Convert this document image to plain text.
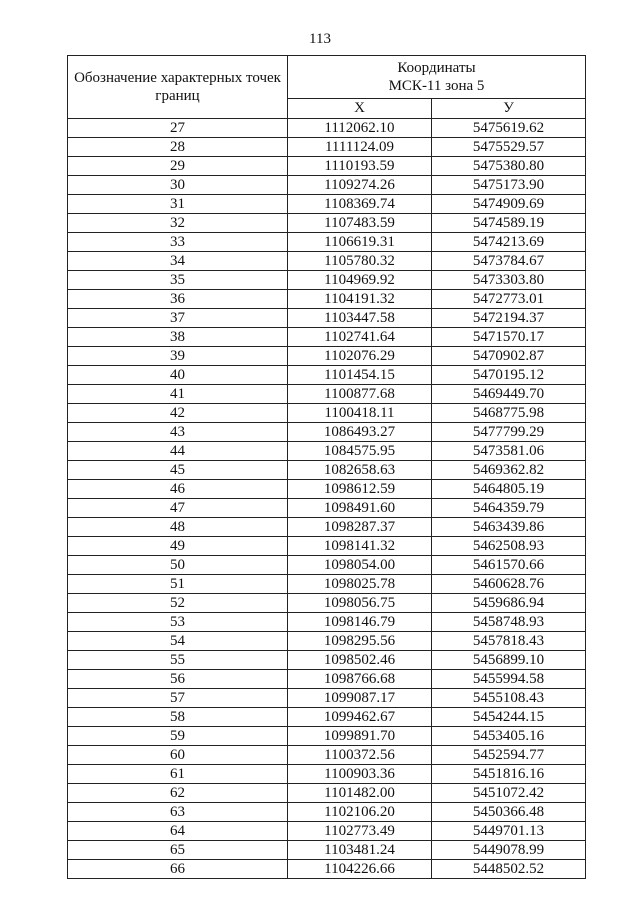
113
Обозначение характерных точек границ	Координаты
МСК-11 зона 5	

	X	У
27	1112062.10	5475619.62
28	1111124.09	5475529.57
29	1110193.59	5475380.80
30	1109274.26	5475173.90
31	1108369.74	5474909.69
32	1107483.59	5474589.19
33	1106619.31	5474213.69
34	1105780.32	5473784.67
35	1104969.92	5473303.80
36	1104191.32	5472773.01
37	1103447.58	5472194.37
38	1102741.64	5471570.17
39	1102076.29	5470902.87
40	1101454.15	5470195.12
41	1100877.68	5469449.70
42	1100418.11	5468775.98
43	1086493.27	5477799.29
44	1084575.95	5473581.06
45	1082658.63	5469362.82
46	1098612.59	5464805.19
47	1098491.60	5464359.79
48	1098287.37	5463439.86
49	1098141.32	5462508.93
50	1098054.00	5461570.66
51	1098025.78	5460628.76
52	1098056.75	5459686.94
53	1098146.79	5458748.93
54	1098295.56	5457818.43
55	1098502.46	5456899.10
56	1098766.68	5455994.58
57	1099087.17	5455108.43
58	1099462.67	5454244.15
59	1099891.70	5453405.16
60	1100372.56	5452594.77
61	1100903.36	5451816.16
62	1101482.00	5451072.42
63	1102106.20	5450366.48
64	1102773.49	5449701.13
65	1103481.24	5449078.99
66	1104226.66	5448502.52
